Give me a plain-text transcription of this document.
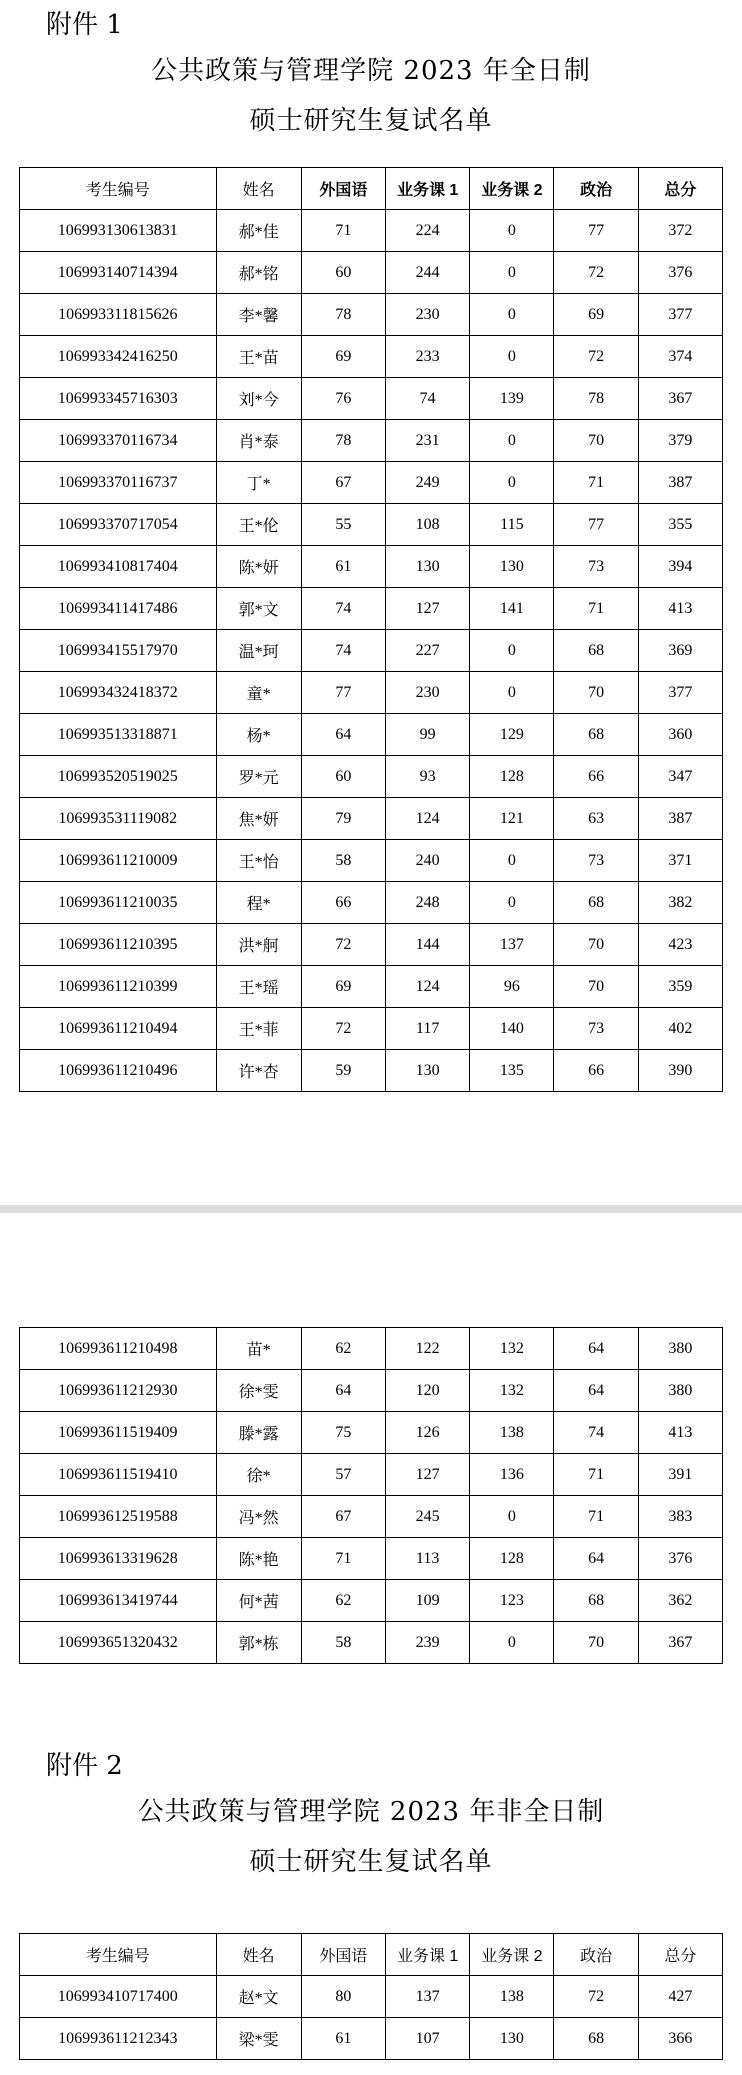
附件 1
公共政策与管理学院 2023 年全日制
硕士研究生复试名单
考生编号	姓名	外国语	业务课 1	业务课 2	政治	总分
106993130613831	郝*佳	71	224	0	77	372
106993140714394	郝*铭	60	244	0	72	376
106993311815626	李*馨	78	230	0	69	377
106993342416250	王*苗	69	233	0	72	374
106993345716303	刘*今	76	74	139	78	367
106993370116734	肖*泰	78	231	0	70	379
106993370116737	丁*	67	249	0	71	387
106993370717054	王*伦	55	108	115	77	355
106993410817404	陈*妍	61	130	130	73	394
106993411417486	郭*文	74	127	141	71	413
106993415517970	温*珂	74	227	0	68	369
106993432418372	童*	77	230	0	70	377
106993513318871	杨*	64	99	129	68	360
106993520519025	罗*元	60	93	128	66	347
106993531119082	焦*妍	79	124	121	63	387
106993611210009	王*怡	58	240	0	73	371
106993611210035	程*	66	248	0	68	382
106993611210395	洪*舸	72	144	137	70	423
106993611210399	王*瑶	69	124	96	70	359
106993611210494	王*菲	72	117	140	73	402
106993611210496	许*杏	59	130	135	66	390
106993611210498	苗*	62	122	132	64	380
106993611212930	徐*雯	64	120	132	64	380
106993611519409	滕*露	75	126	138	74	413
106993611519410	徐*	57	127	136	71	391
106993612519588	冯*然	67	245	0	71	383
106993613319628	陈*艳	71	113	128	64	376
106993613419744	何*茜	62	109	123	68	362
106993651320432	郭*栋	58	239	0	70	367
附件 2
公共政策与管理学院 2023 年非全日制
硕士研究生复试名单
考生编号	姓名	外国语	业务课 1	业务课 2	政治	总分
106993410717400	赵*文	80	137	138	72	427
106993611212343	梁*雯	61	107	130	68	366
